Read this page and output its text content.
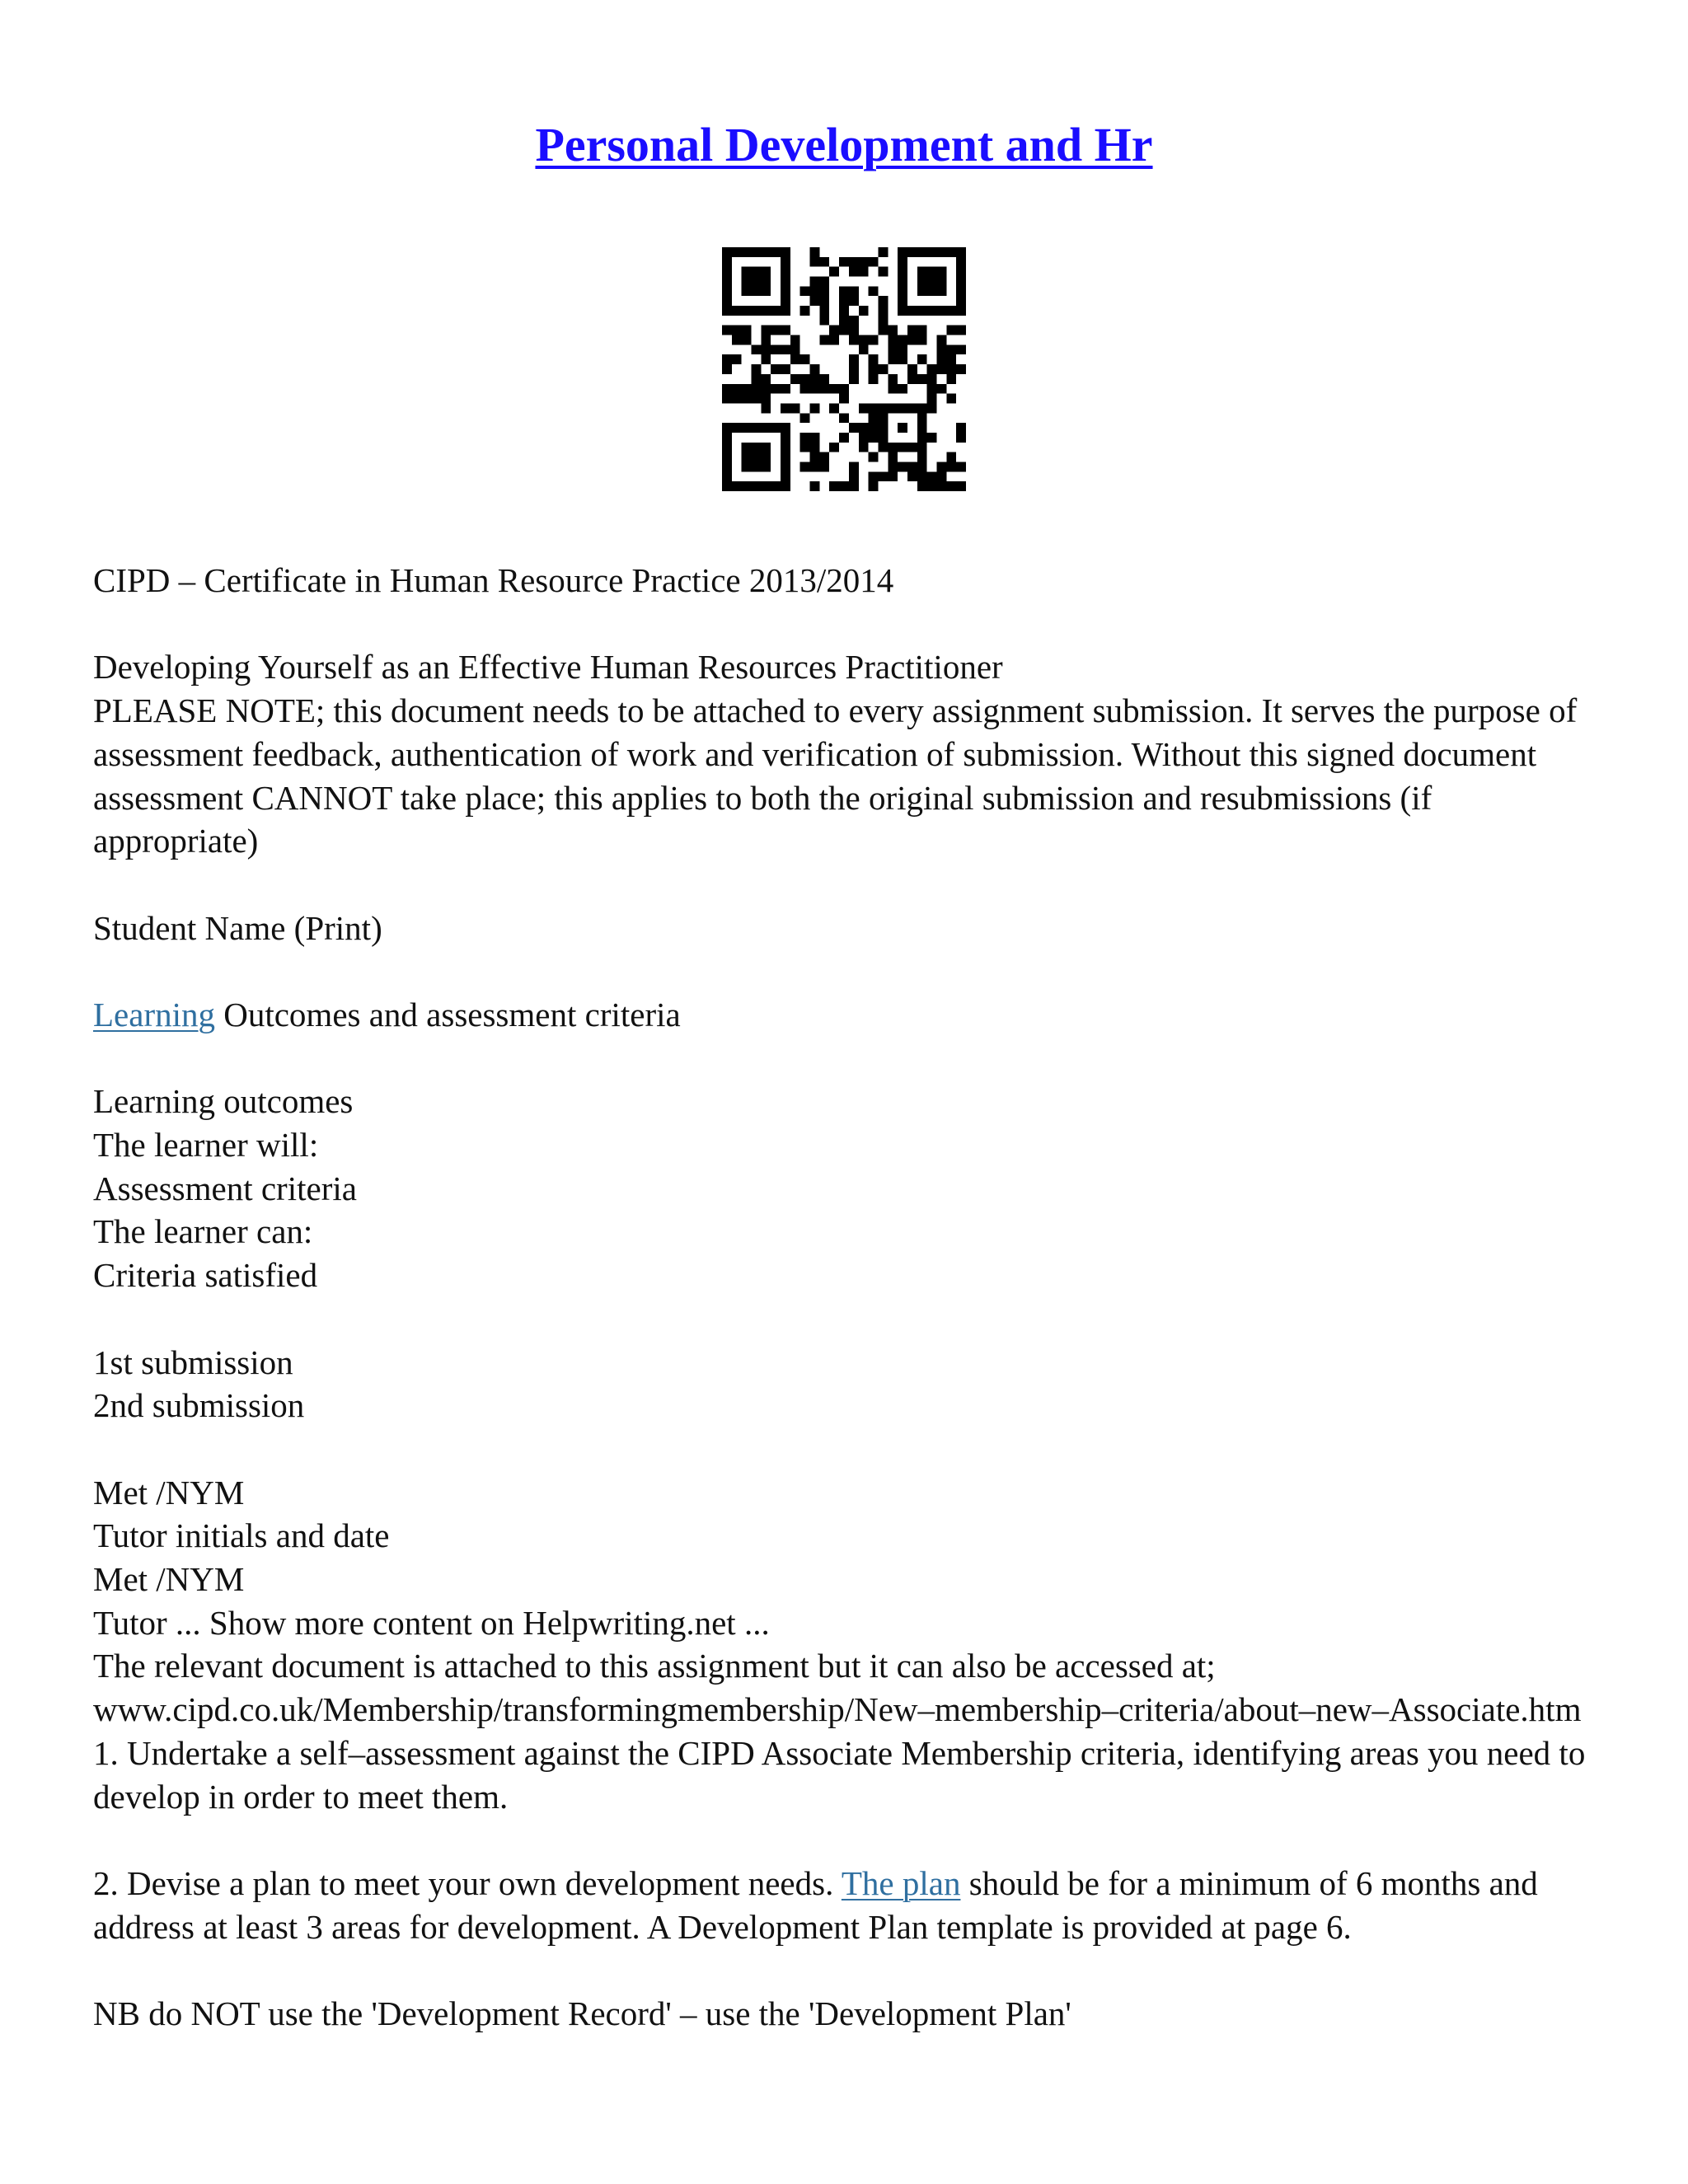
Personal Development and Hr

CIPD – Certificate in Human Resource Practice 2013/2014

Developing Yourself as an Effective Human Resources Practitioner

PLEASE NOTE; this document needs to be attached to every assignment submission. It serves the purpose of assessment feedback, authentication of work and verification of submission. Without this signed document assessment CANNOT take place; this applies to both the original submission and resubmissions (if appropriate)

Student Name (Print)

Learning Outcomes and assessment criteria

Learning outcomes

The learner will:

Assessment criteria

The learner can:

Criteria satisfied

1st submission

2nd submission

Met /NYM

Tutor initials and date

Met /NYM

Tutor ... Show more content on Helpwriting.net ...

The relevant document is attached to this assignment but it can also be accessed at; www.cipd.co.uk/Membership/transformingmembership/New–membership–criteria/about–new–Associate.htm 1. Undertake a self–assessment against the CIPD Associate Membership criteria, identifying areas you need to develop in order to meet them.

2. Devise a plan to meet your own development needs. The plan should be for a minimum of 6 months and address at least 3 areas for development. A Development Plan template is provided at page 6.

NB do NOT use the 'Development Record' – use the 'Development Plan'
